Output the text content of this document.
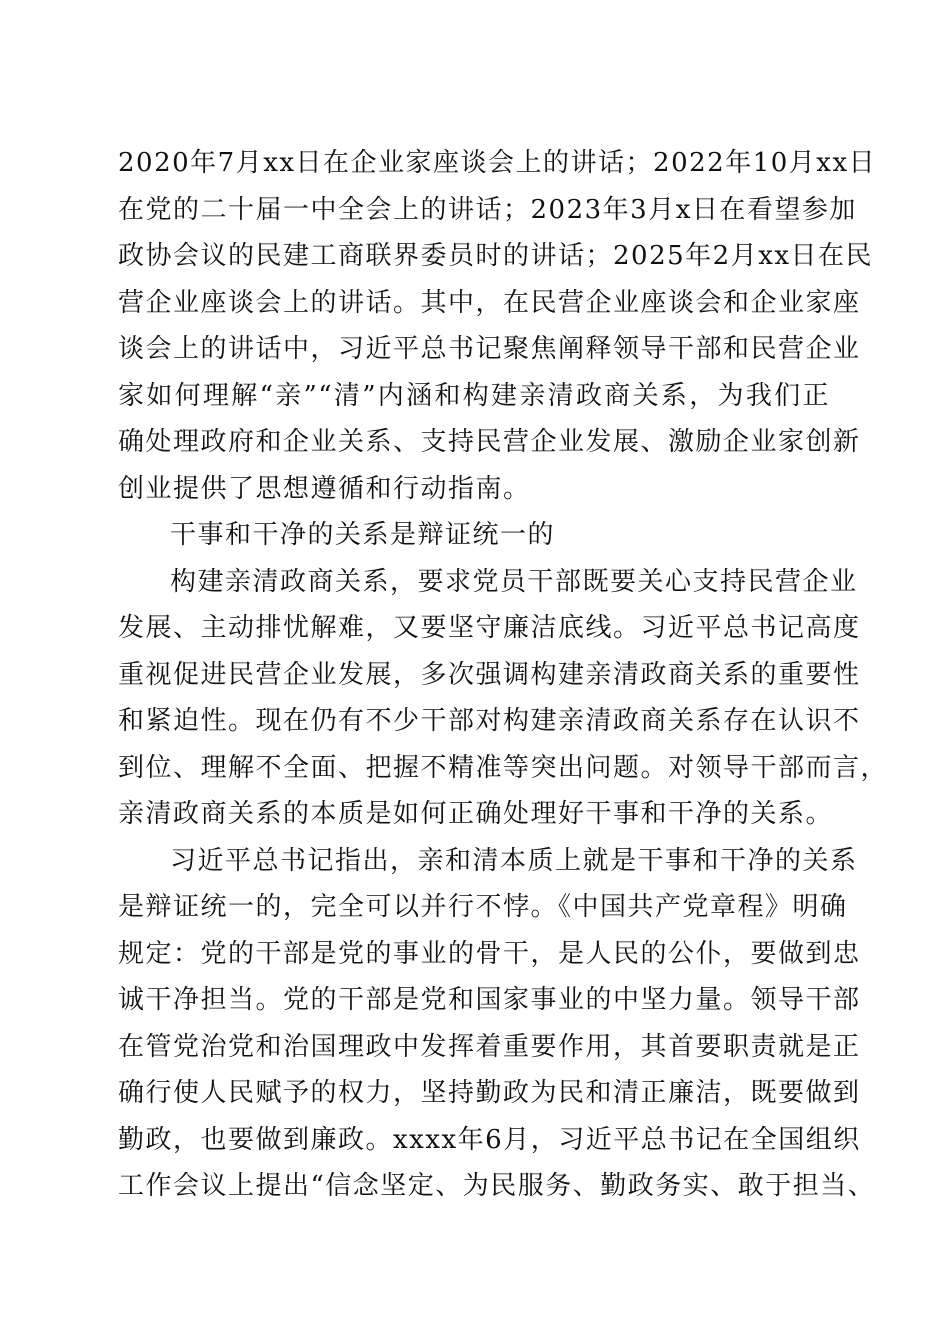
2020年7月xx日在企业家座谈会上的讲话；2022年10月xx日
在党的二十届一中全会上的讲话；2023年3月x日在看望参加
政协会议的民建工商联界委员时的讲话；2025年2月xx日在民
营企业座谈会上的讲话。其中，在民营企业座谈会和企业家座
谈会上的讲话中，习近平总书记聚焦阐释领导干部和民营企业
家如何理解“亲”“清”内涵和构建亲清政商关系，为我们正
确处理政府和企业关系、支持民营企业发展、激励企业家创新
创业提供了思想遵循和行动指南。
干事和干净的关系是辩证统一的
构建亲清政商关系，要求党员干部既要关心支持民营企业
发展、主动排忧解难，又要坚守廉洁底线。习近平总书记高度
重视促进民营企业发展，多次强调构建亲清政商关系的重要性
和紧迫性。现在仍有不少干部对构建亲清政商关系存在认识不
到位、理解不全面、把握不精准等突出问题。对领导干部而言，
亲清政商关系的本质是如何正确处理好干事和干净的关系。
习近平总书记指出，亲和清本质上就是干事和干净的关系
是辩证统一的，完全可以并行不悖。《中国共产党章程》明确
规定：党的干部是党的事业的骨干，是人民的公仆，要做到忠
诚干净担当。党的干部是党和国家事业的中坚力量。领导干部
在管党治党和治国理政中发挥着重要作用，其首要职责就是正
确行使人民赋予的权力，坚持勤政为民和清正廉洁，既要做到
勤政，也要做到廉政。xxxx年6月，习近平总书记在全国组织
工作会议上提出“信念坚定、为民服务、勤政务实、敢于担当、
